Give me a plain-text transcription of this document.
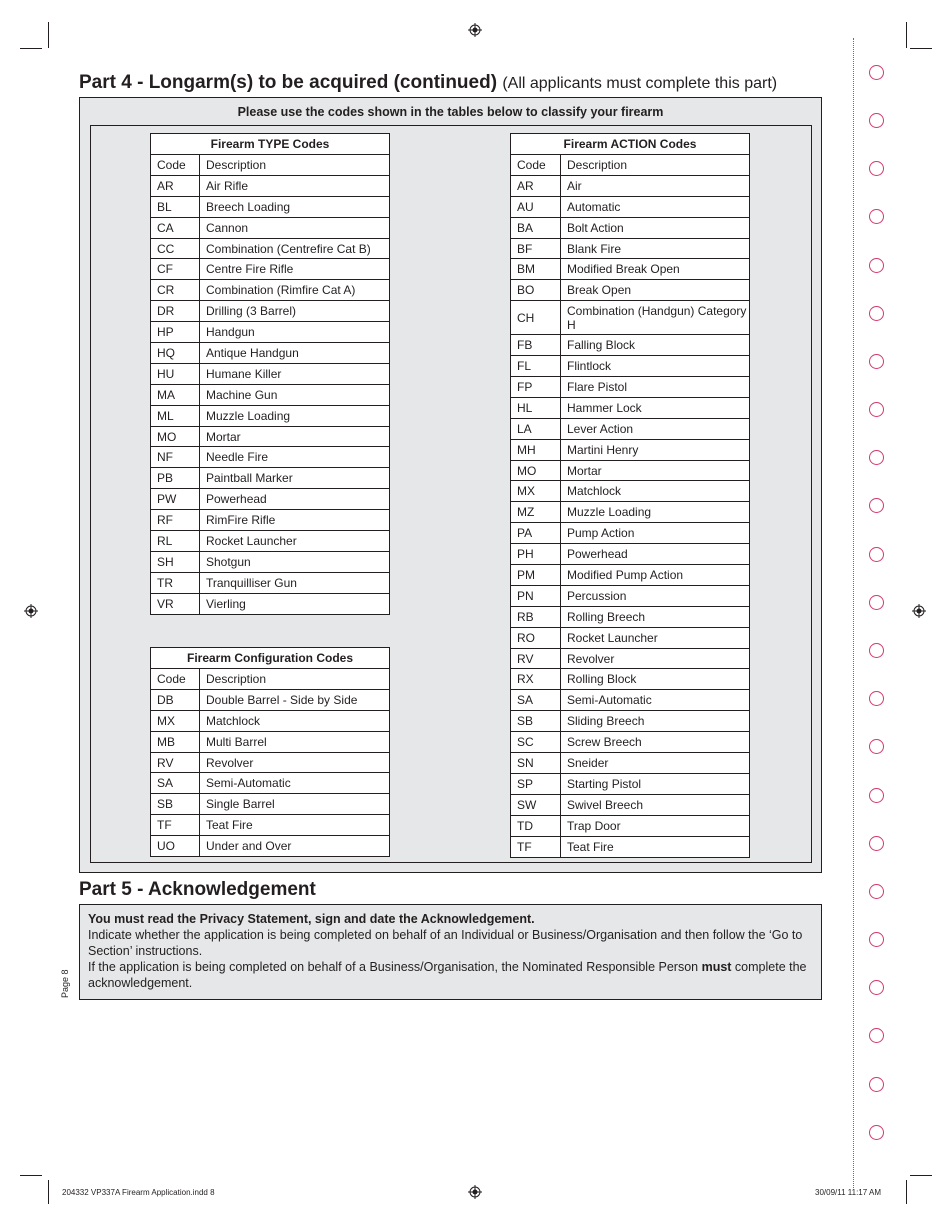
Part 4 - Longarm(s) to be acquired (continued) (All applicants must complete this part)
Please use the codes shown in the tables below to classify your firearm
Firearm TYPE Codes	
Code	Description
AR	Air Rifle
BL	Breech Loading
CA	Cannon
CC	Combination (Centrefire Cat B)
CF	Centre Fire Rifle
CR	Combination (Rimfire Cat A)
DR	Drilling (3 Barrel)
HP	Handgun
HQ	Antique Handgun
HU	Humane Killer
MA	Machine Gun
ML	Muzzle Loading
MO	Mortar
NF	Needle Fire
PB	Paintball Marker
PW	Powerhead
RF	RimFire Rifle
RL	Rocket Launcher
SH	Shotgun
TR	Tranquilliser Gun
VR	Vierling
Firearm Configuration Codes	
Code	Description
DB	Double Barrel - Side by Side
MX	Matchlock
MB	Multi Barrel
RV	Revolver
SA	Semi-Automatic
SB	Single Barrel
TF	Teat Fire
UO	Under and Over
Firearm ACTION Codes	
Code	Description
AR	Air
AU	Automatic
BA	Bolt Action
BF	Blank Fire
BM	Modified Break Open
BO	Break Open
CH	Combination (Handgun) Category H
FB	Falling Block
FL	Flintlock
FP	Flare Pistol
HL	Hammer Lock
LA	Lever Action
MH	Martini Henry
MO	Mortar
MX	Matchlock
MZ	Muzzle Loading
PA	Pump Action
PH	Powerhead
PM	Modified Pump Action
PN	Percussion
RB	Rolling Breech
RO	Rocket Launcher
RV	Revolver
RX	Rolling Block
SA	Semi-Automatic
SB	Sliding Breech
SC	Screw Breech
SN	Sneider
SP	Starting Pistol
SW	Swivel Breech
TD	Trap Door
TF	Teat Fire
Part 5 - Acknowledgement

You must read the Privacy Statement, sign and date the Acknowledgement.

Indicate whether the application is being completed on behalf of an Individual or Business/Organisation and then follow the ‘Go to Section’ instructions.

If the application is being completed on behalf of a Business/Organisation, the Nominated Responsible Person must complete the acknowledgement.

Page 8
204332 VP337A Firearm Application.indd 8	30/09/11 11:17 AM
